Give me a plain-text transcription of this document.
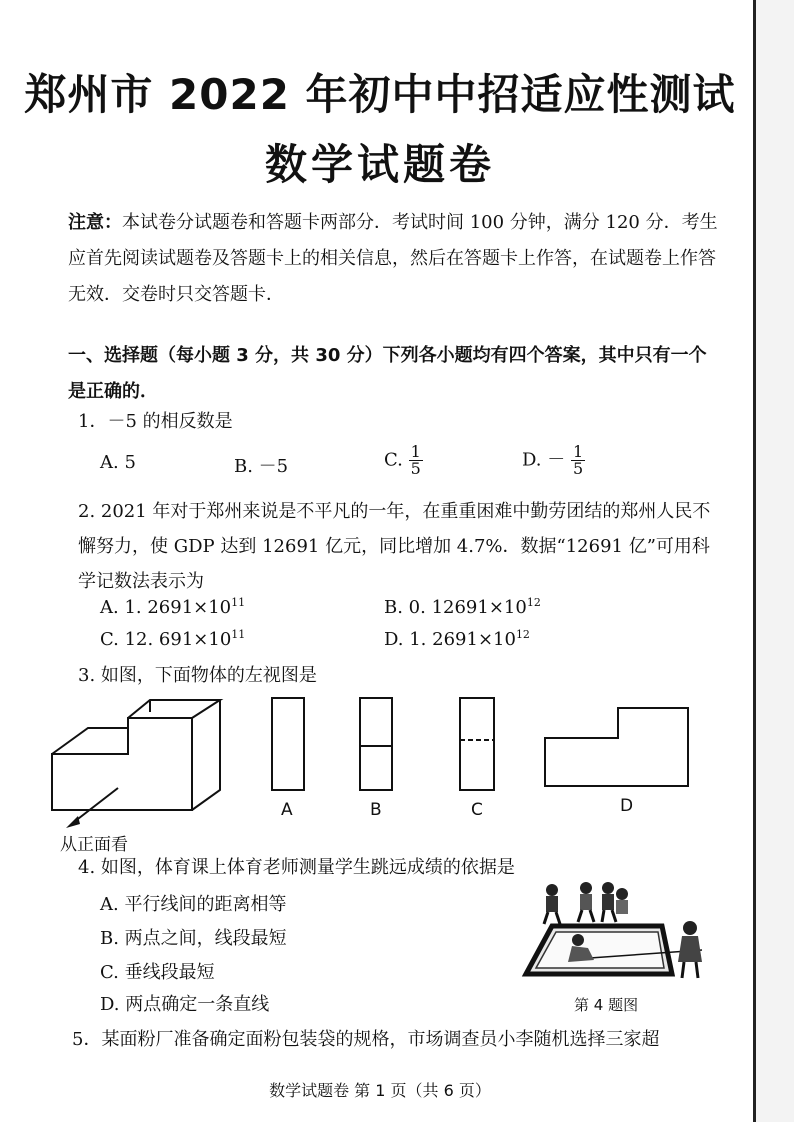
郑州市 2022 年初中中招适应性测试
数学试题卷
注意：本试卷分试题卷和答题卡两部分．考试时间 100 分钟，满分 120 分．考生应首先阅读试题卷及答题卡上的相关信息，然后在答题卡上作答，在试题卷上作答无效．交卷时只交答题卡．
一、选择题（每小题 3 分，共 30 分）下列各小题均有四个答案，其中只有一个是正确的．
1．－5 的相反数是
A. 5	B. －5	C. $\frac{1}{5}$	D. － $\frac{1}{5}$
2. 2021 年对于郑州来说是不平凡的一年，在重重困难中勤劳团结的郑州人民不懈努力，使 GDP 达到 12691 亿元，同比增加 4.7%．数据“12691 亿”可用科学记数法表示为
A. 1. $2691\times 10^{11}$	B. 0. $12691\times 10^{12}$
C. 12. $691\times 10^{11}$	D. 1. $2691\times 10^{12}$
3. 如图，下面物体的左视图是
从正面看
A	B	C	D
4. 如图，体育课上体育老师测量学生跳远成绩的依据是
A. 平行线间的距离相等
B. 两点之间，线段最短
C. 垂线段最短
D. 两点确定一条直线	第 4 题图
5．某面粉厂准备确定面粉包装袋的规格，市场调查员小李随机选择三家超
数学试题卷 第 1 页（共 6 页）
